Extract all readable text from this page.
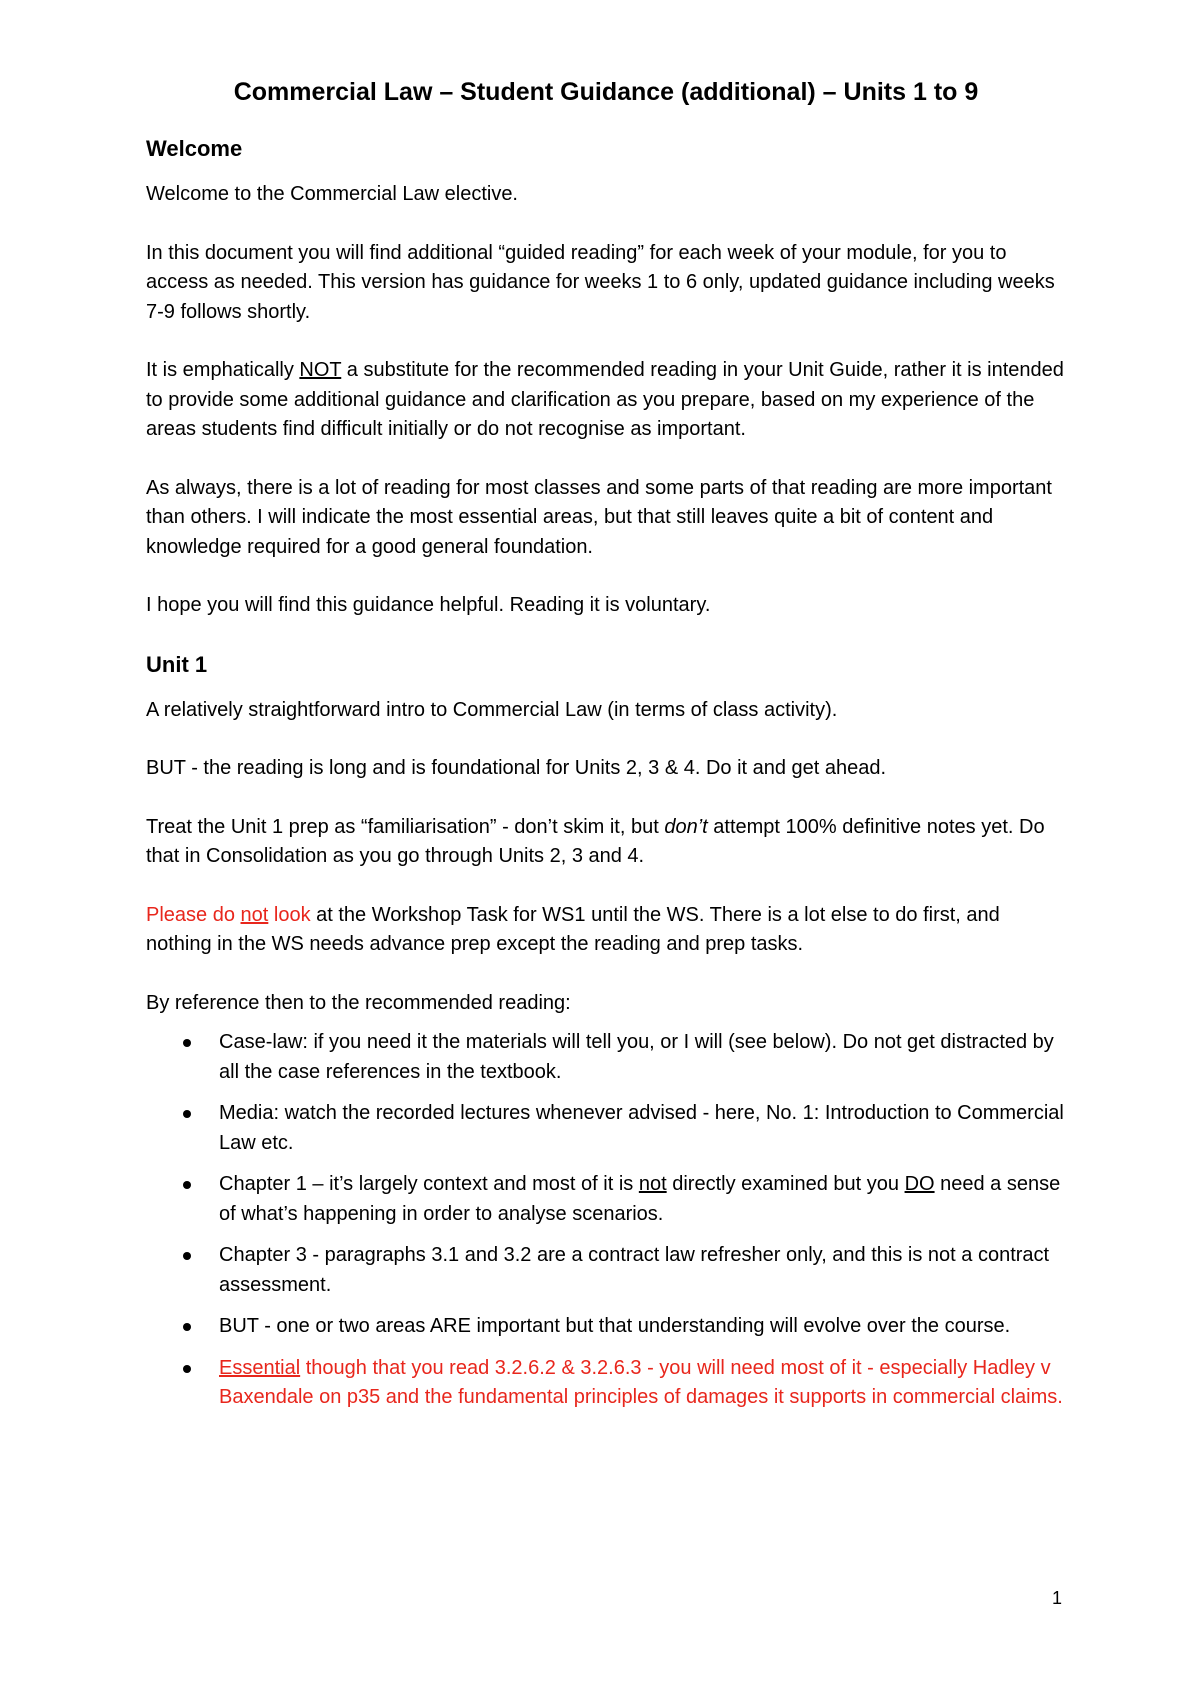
Commercial Law – Student Guidance (additional) – Units 1 to 9
Welcome

Welcome to the Commercial Law elective.

In this document you will find additional “guided reading” for each week of your module, for you to access as needed. This version has guidance for weeks 1 to 6 only, updated guidance including weeks 7-9 follows shortly.

It is emphatically NOT a substitute for the recommended reading in your Unit Guide, rather it is intended to provide some additional guidance and clarification as you prepare, based on my experience of the areas students find difficult initially or do not recognise as important.

As always, there is a lot of reading for most classes and some parts of that reading are more important than others. I will indicate the most essential areas, but that still leaves quite a bit of content and knowledge required for a good general foundation.

I hope you will find this guidance helpful. Reading it is voluntary.

Unit 1

A relatively straightforward intro to Commercial Law (in terms of class activity).

BUT - the reading is long and is foundational for Units 2, 3 & 4. Do it and get ahead.

Treat the Unit 1 prep as “familiarisation” - don’t skim it, but don’t attempt 100% definitive notes yet. Do that in Consolidation as you go through Units 2, 3 and 4.

Please do not look at the Workshop Task for WS1 until the WS. There is a lot else to do first, and nothing in the WS needs advance prep except the reading and prep tasks.

By reference then to the recommended reading:

Case-law: if you need it the materials will tell you, or I will (see below). Do not get distracted by all the case references in the textbook.
Media: watch the recorded lectures whenever advised - here, No. 1: Introduction to Commercial Law etc.
Chapter 1 – it’s largely context and most of it is not directly examined but you DO need a sense of what’s happening in order to analyse scenarios.
Chapter 3 - paragraphs 3.1 and 3.2 are a contract law refresher only, and this is not a contract assessment.
BUT - one or two areas ARE important but that understanding will evolve over the course.
Essential though that you read 3.2.6.2 & 3.2.6.3 - you will need most of it - especially Hadley v Baxendale on p35 and the fundamental principles of damages it supports in commercial claims.
1
